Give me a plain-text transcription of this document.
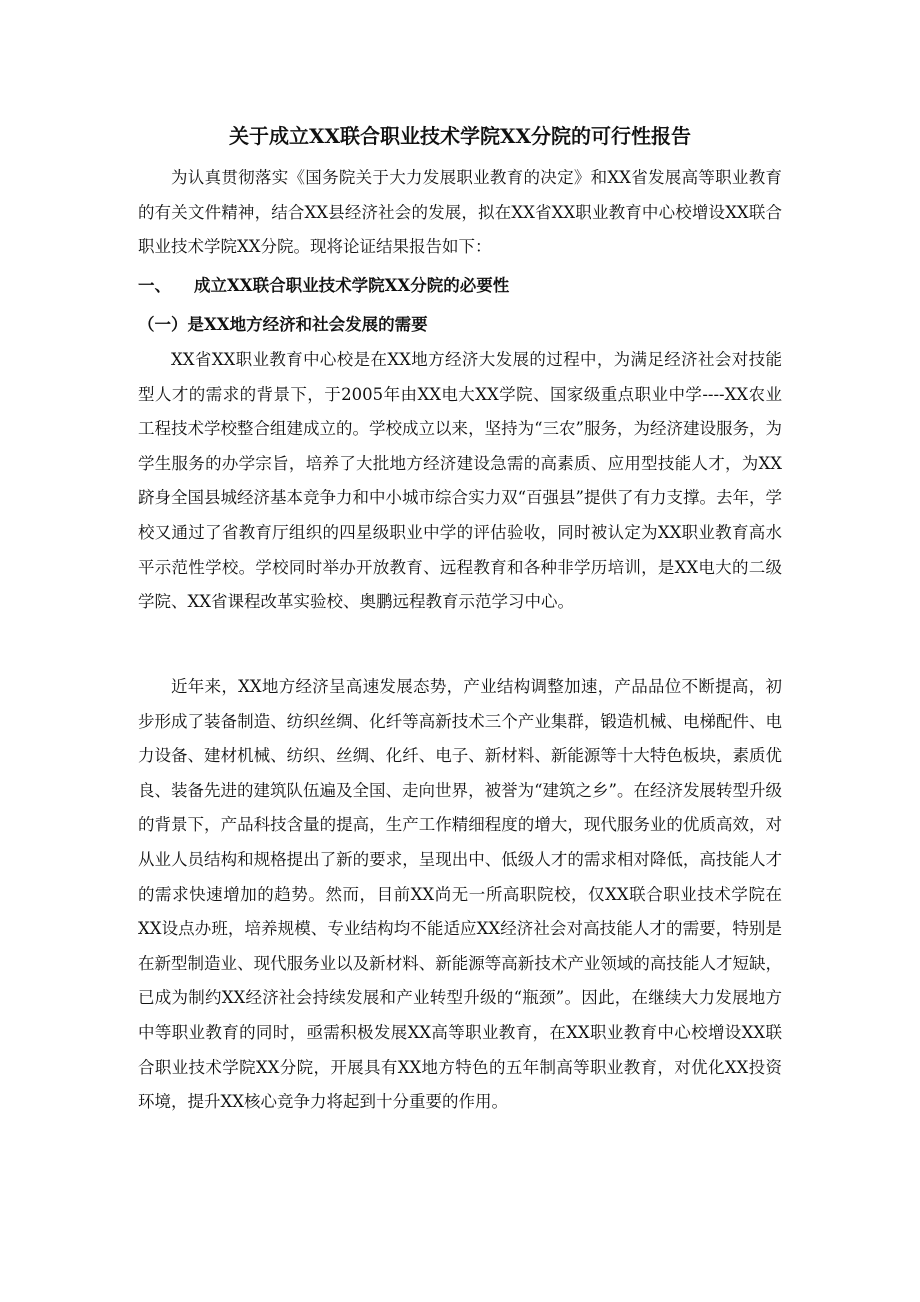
关于成立XX联合职业技术学院XX分院的可行性报告

为认真贯彻落实《国务院关于大力发展职业教育的决定》和XX省发展高等职业教育的有关文件精神，结合XX县经济社会的发展，拟在XX省XX职业教育中心校增设XX联合职业技术学院XX分院。现将论证结果报告如下：

一、 成立XX联合职业技术学院XX分院的必要性
（一）是XX地方经济和社会发展的需要

XX省XX职业教育中心校是在XX地方经济大发展的过程中，为满足经济社会对技能型人才的需求的背景下，于2005年由XX电大XX学院、国家级重点职业中学----XX农业工程技术学校整合组建成立的。学校成立以来，坚持为“三农”服务，为经济建设服务，为学生服务的办学宗旨，培养了大批地方经济建设急需的高素质、应用型技能人才，为XX跻身全国县城经济基本竞争力和中小城市综合实力双“百强县”提供了有力支撑。去年，学校又通过了省教育厅组织的四星级职业中学的评估验收，同时被认定为XX职业教育高水平示范性学校。学校同时举办开放教育、远程教育和各种非学历培训，是XX电大的二级学院、XX省课程改革实验校、奥鹏远程教育示范学习中心。

近年来，XX地方经济呈高速发展态势，产业结构调整加速，产品品位不断提高，初步形成了装备制造、纺织丝绸、化纤等高新技术三个产业集群，锻造机械、电梯配件、电力设备、建材机械、纺织、丝绸、化纤、电子、新材料、新能源等十大特色板块，素质优良、装备先进的建筑队伍遍及全国、走向世界，被誉为“建筑之乡”。在经济发展转型升级的背景下，产品科技含量的提高，生产工作精细程度的增大，现代服务业的优质高效，对从业人员结构和规格提出了新的要求，呈现出中、低级人才的需求相对降低，高技能人才的需求快速增加的趋势。然而，目前XX尚无一所高职院校，仅XX联合职业技术学院在XX设点办班，培养规模、专业结构均不能适应XX经济社会对高技能人才的需要，特别是在新型制造业、现代服务业以及新材料、新能源等高新技术产业领域的高技能人才短缺，已成为制约XX经济社会持续发展和产业转型升级的“瓶颈”。因此，在继续大力发展地方中等职业教育的同时，亟需积极发展XX高等职业教育，在XX职业教育中心校增设XX联合职业技术学院XX分院，开展具有XX地方特色的五年制高等职业教育，对优化XX投资环境，提升XX核心竞争力将起到十分重要的作用。
